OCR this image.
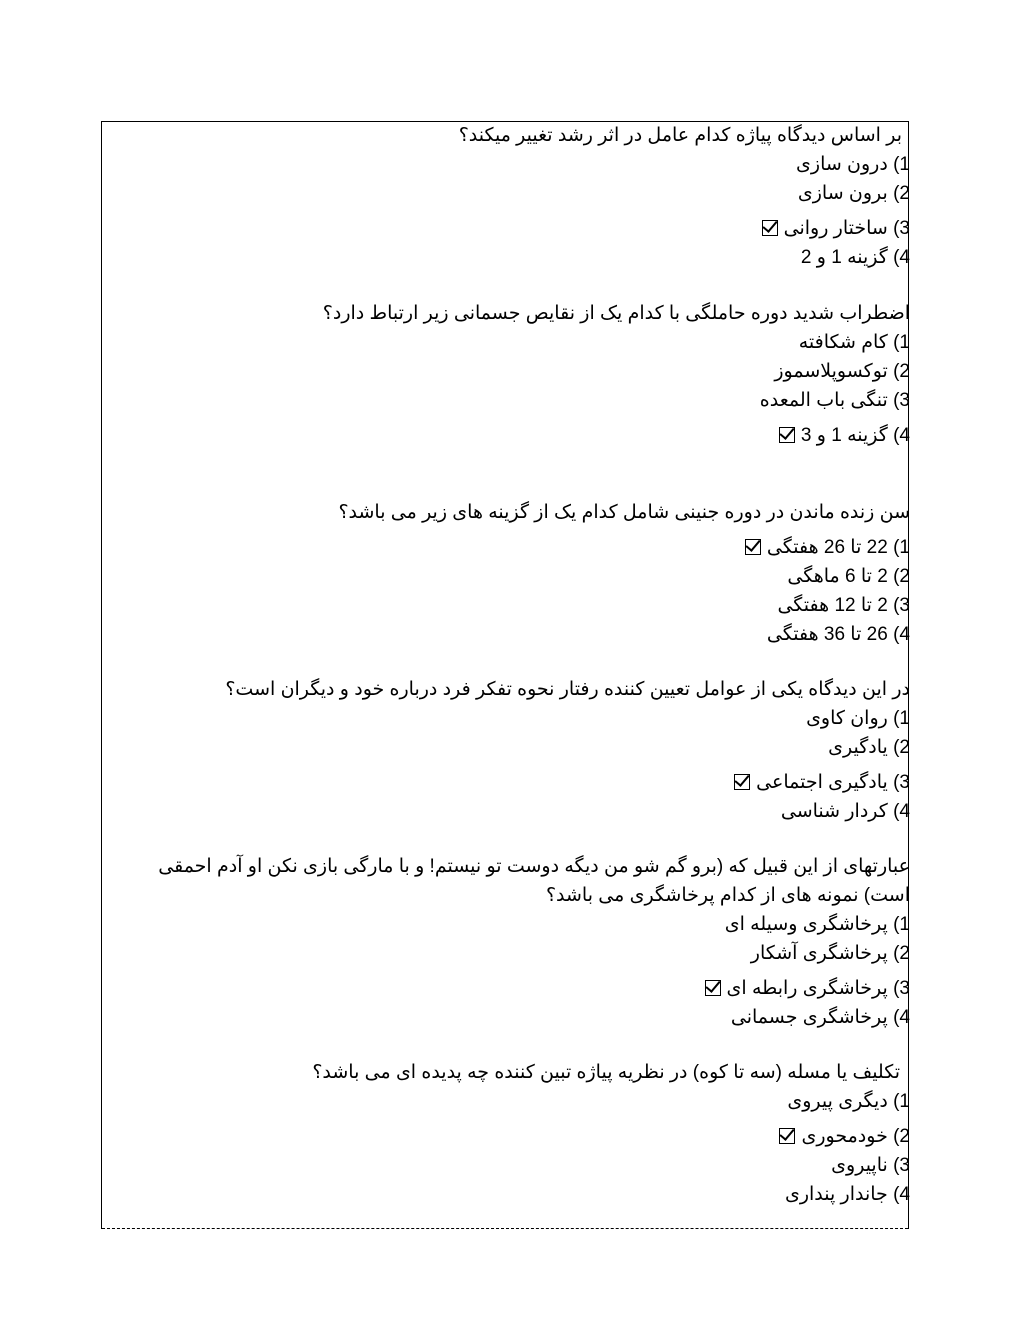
بر اساس دیدگاه پیاژه کدام عامل در اثر رشد تغییر میکند؟

1) درون سازی

2) برون سازی

3) ساختار روانی

4) گزینه 1 و 2

اضطراب شدید دوره حاملگی با کدام یک از نقایص جسمانی زیر ارتباط دارد؟

1) کام شکافته

2) توکسوپلاسموز

3) تنگی باب المعده

4) گزینه 1 و 3

سن زنده ماندن در دوره جنینی شامل کدام یک از گزینه های زیر می باشد؟

1) 22 تا 26 هفتگی

2) 2 تا 6 ماهگی

3) 2 تا 12 هفتگی

4) 26 تا 36 هفتگی

در این دیدگاه یکی از عوامل تعیین کننده رفتار نحوه تفکر فرد درباره خود و دیگران است؟

1) روان کاوی

2) یادگیری

3) یادگیری اجتماعی

4) کردار شناسی

عبارتهای از این قبیل که (برو گم شو من دیگه دوست تو نیستم! و با مارگی بازی نکن او آدم احمقی است) نمونه های از کدام پرخاشگری می باشد؟

1) پرخاشگری وسیله ای

2) پرخاشگری آشکار

3) پرخاشگری رابطه ای

4) پرخاشگری جسمانی

تکلیف یا مسله (سه تا کوه) در نظریه پیاژه تبین کننده چه پدیده ای می باشد؟

1) دیگری پیروی

2) خودمحوری

3) ناپیروی

4) جاندار پنداری
